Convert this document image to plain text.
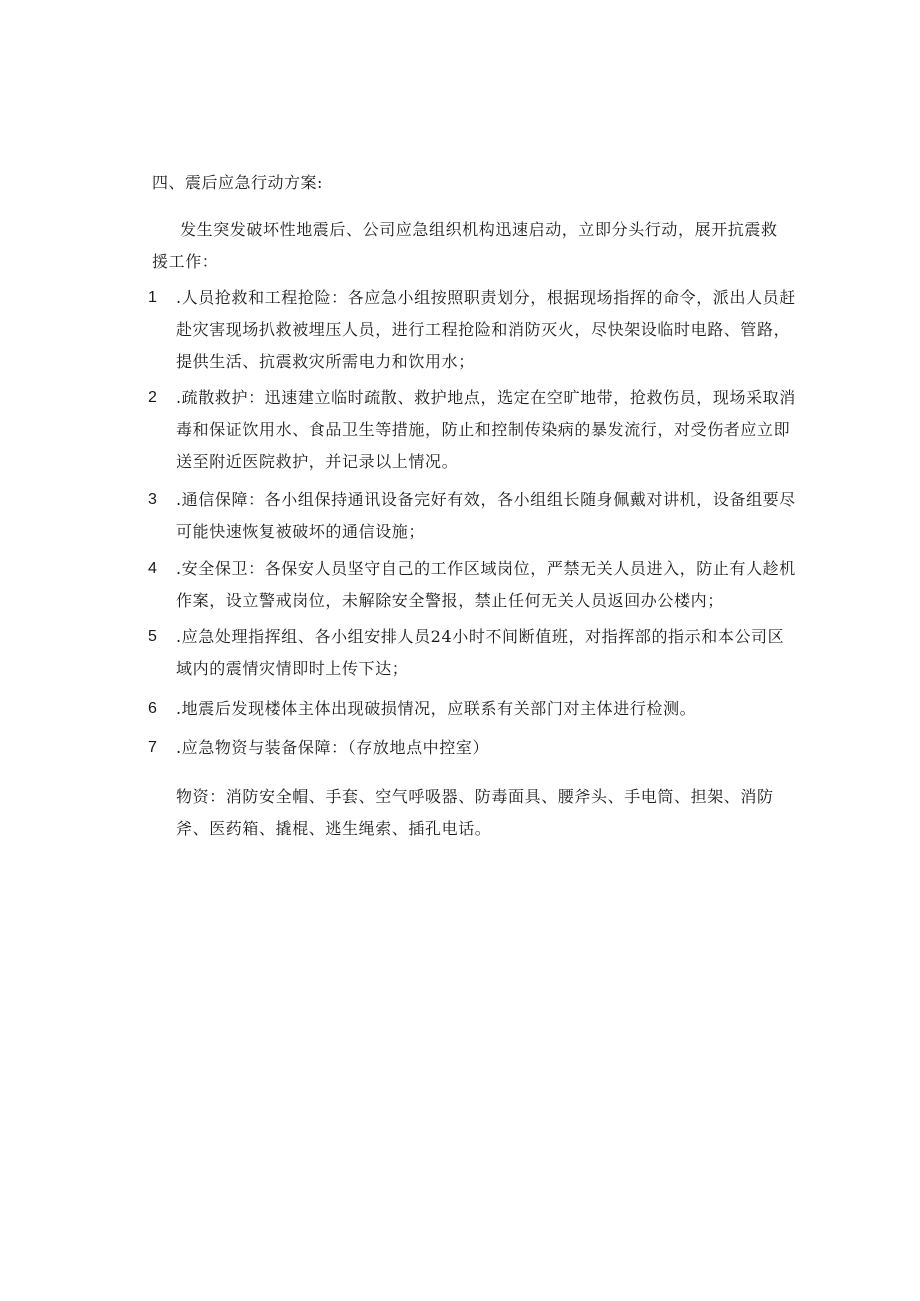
四、震后应急行动方案:
发生突发破坏性地震后、公司应急组织机构迅速启动，立即分头行动，展开抗震救援工作：
1	.人员抢救和工程抢险：各应急小组按照职责划分，根据现场指挥的命令，派出人员赶赴灾害现场扒救被埋压人员，进行工程抢险和消防灭火，尽快架设临时电路、管路，提供生活、抗震救灾所需电力和饮用水；
2	.疏散救护：迅速建立临时疏散、救护地点，选定在空旷地带，抢救伤员，现场采取消毒和保证饮用水、食品卫生等措施，防止和控制传染病的暴发流行，对受伤者应立即送至附近医院救护，并记录以上情况。
3	.通信保障：各小组保持通讯设备完好有效，各小组组长随身佩戴对讲机，设备组要尽可能快速恢复被破坏的通信设施；
4	.安全保卫：各保安人员坚守自己的工作区域岗位，严禁无关人员进入，防止有人趁机作案，设立警戒岗位，未解除安全警报，禁止任何无关人员返回办公楼内；
5	.应急处理指挥组、各小组安排人员24小时不间断值班，对指挥部的指示和本公司区域内的震情灾情即时上传下达；
6	.地震后发现楼体主体出现破损情况，应联系有关部门对主体进行检测。
7	.应急物资与装备保障：（存放地点中控室）
物资：消防安全帽、手套、空气呼吸器、防毒面具、腰斧头、手电筒、担架、消防斧、医药箱、撬棍、逃生绳索、插孔电话。
